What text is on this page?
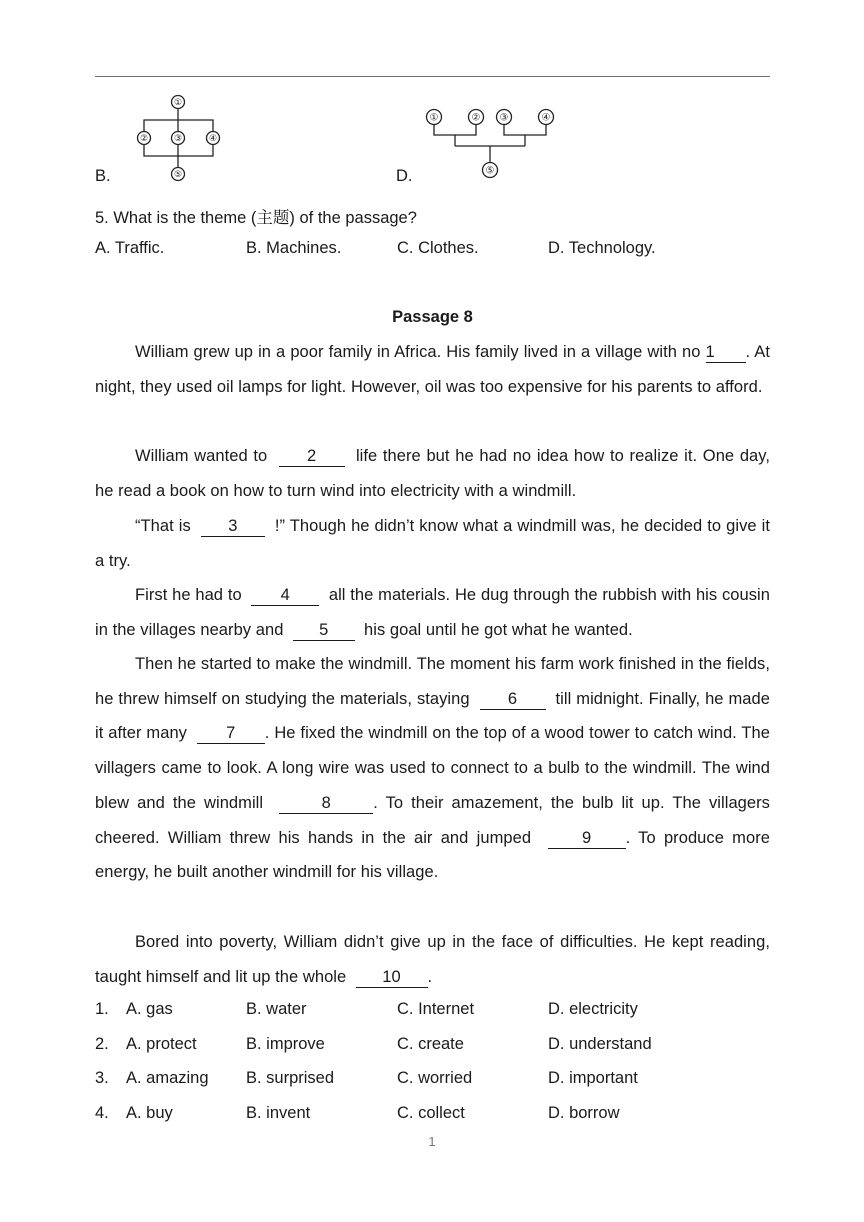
①
②	③	④
⑤
B.
①	② ③	④
⑤
D.
5. What is the theme (主题) of the passage?
A. Traffic.	B. Machines.	C. Clothes.	D. Technology.
Passage 8

William grew up in a poor family in Africa. His family lived in a village with no 1 . At night, they used oil lamps for light. However, oil was too expensive for his parents to afford.

William wanted to 2 life there but he had no idea how to realize it. One day, he read a book on how to turn wind into electricity with a windmill.

“That is 3 !” Though he didn’t know what a windmill was, he decided to give it a try.

First he had to 4 all the materials. He dug through the rubbish with his cousin in the villages nearby and 5 his goal until he got what he wanted.

Then he started to make the windmill. The moment his farm work finished in the fields, he threw himself on studying the materials, staying 6 till midnight. Finally, he made it after many 7 . He fixed the windmill on the top of a wood tower to catch wind. The villagers came to look. A long wire was used to connect to a bulb to the windmill. The wind blew and the windmill	8	. To their amazement, the bulb lit up. The villagers cheered. William threw his hands in the air and jumped	9 . To produce more energy, he built another windmill for his village.

Bored into poverty, William didn’t give up in the face of difficulties. He kept reading, taught himself and lit up the whole 10 .

1. A. gas	B. water	C. Internet	D. electricity
2. A. protect	B. improve	C. create	D. understand
3. A. amazing B. surprised	C. worried	D. important
4. A. buy	B. invent	C. collect	D. borrow
1
